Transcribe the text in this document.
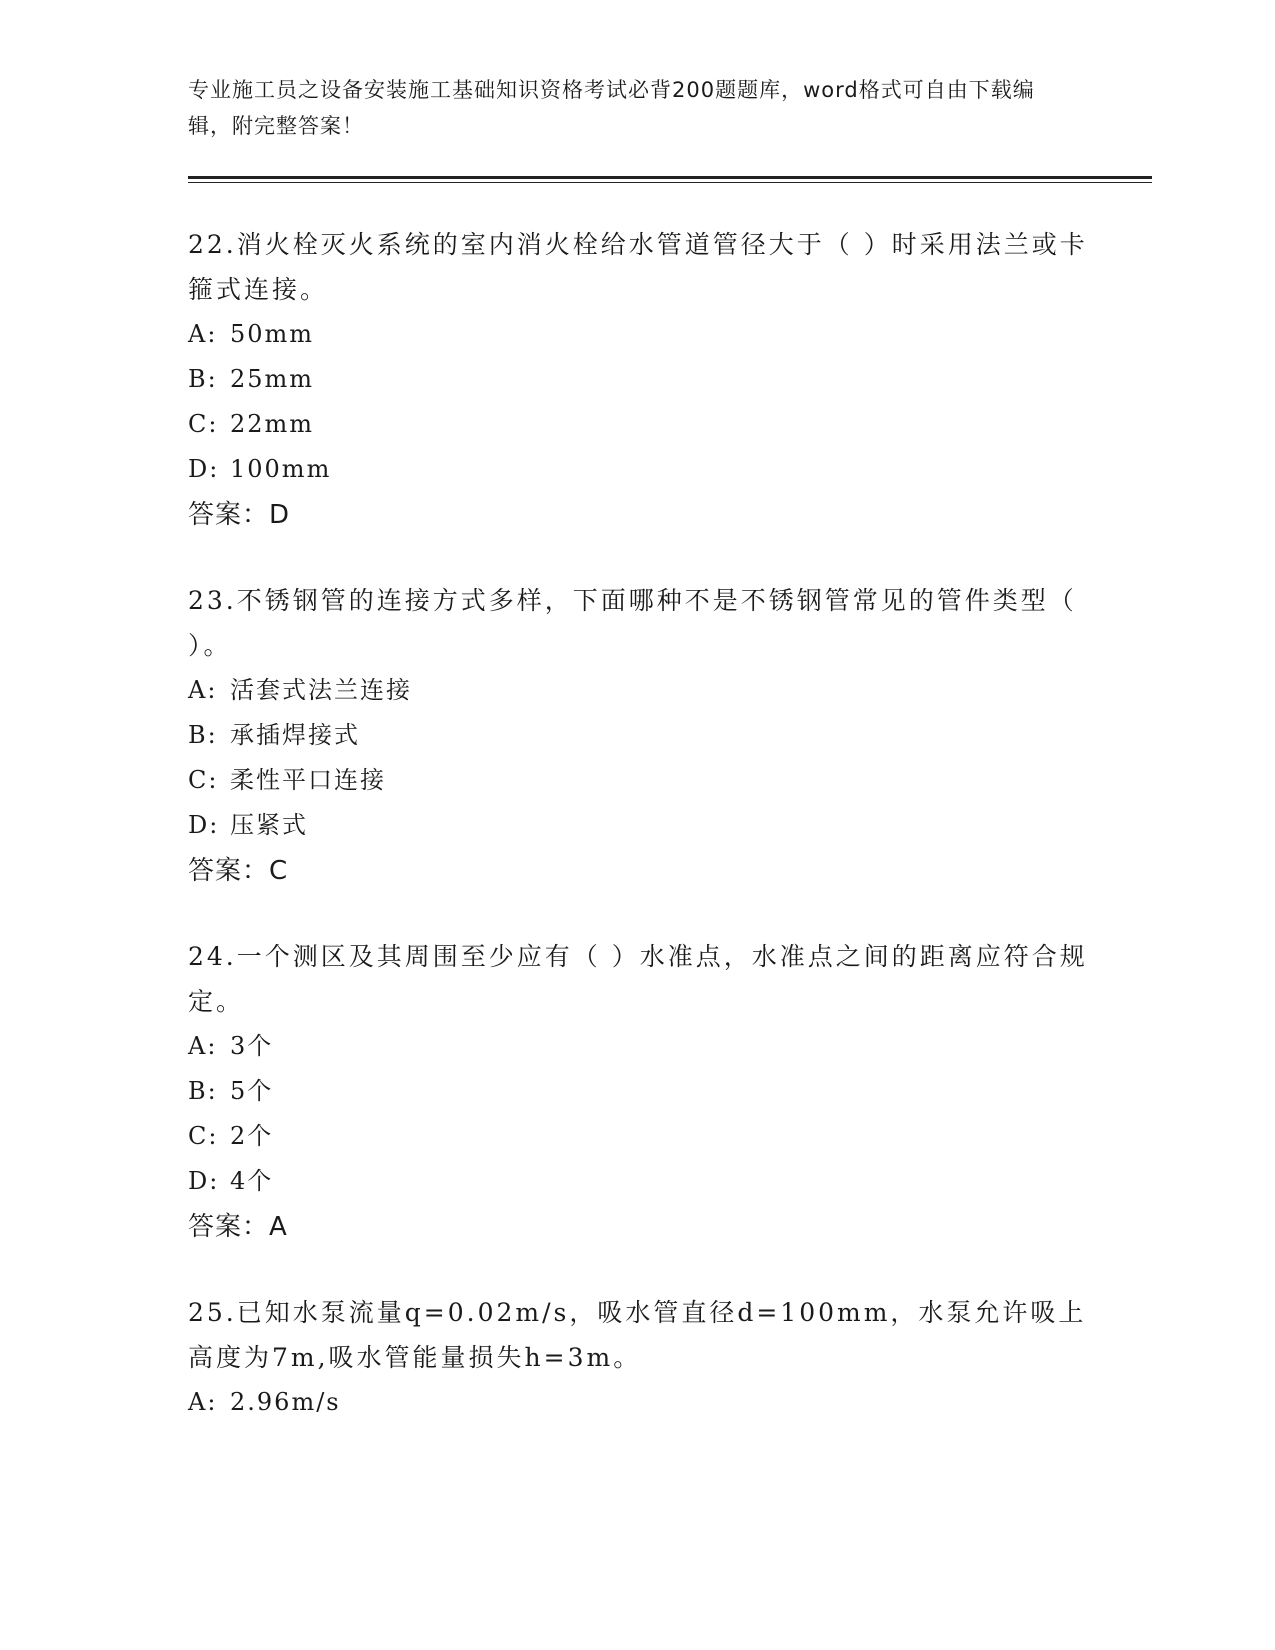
专业施工员之设备安装施工基础知识资格考试必背200题题库，word格式可自由下载编辑，附完整答案！

22.消火栓灭火系统的室内消火栓给水管道管径大于（ ）时采用法兰或卡箍式连接。

A: 50mm

B: 25mm

C: 22mm

D: 100mm

答案：D

23.不锈钢管的连接方式多样，下面哪种不是不锈钢管常见的管件类型（ ）。

A: 活套式法兰连接

B: 承插焊接式

C: 柔性平口连接

D: 压紧式

答案：C

24.一个测区及其周围至少应有（ ）水准点，水准点之间的距离应符合规定。

A: 3个

B: 5个

C: 2个

D: 4个

答案：A

25.已知水泵流量q=0.02m/s，吸水管直径d=100mm，水泵允许吸上高度为7m,吸水管能量损失h=3m。

A: 2.96m/s
